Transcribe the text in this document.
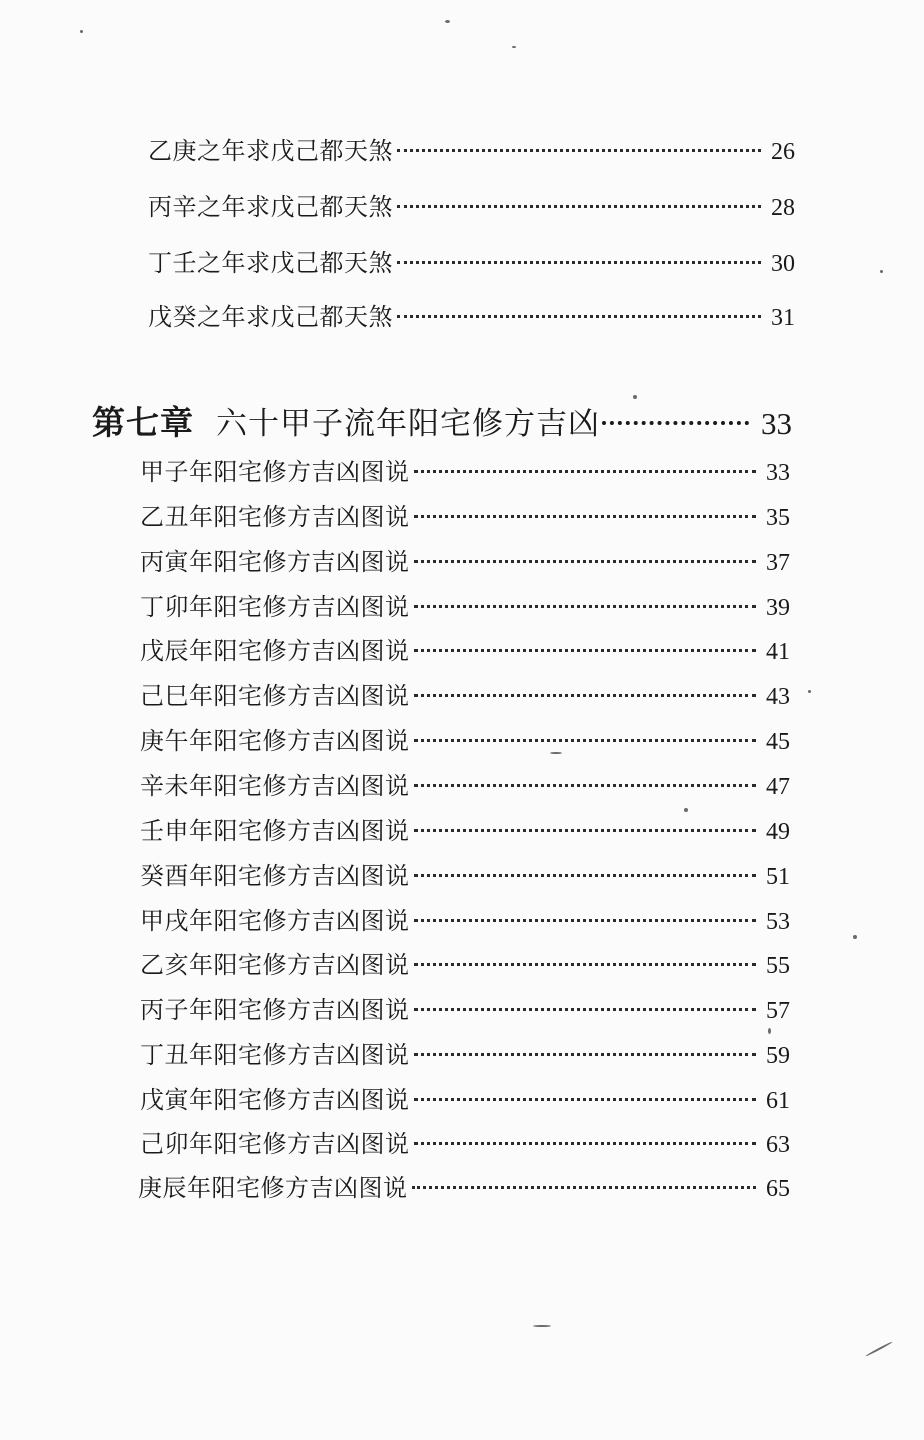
乙庚之年求戊己都天煞	26
丙辛之年求戊己都天煞	28
丁壬之年求戊己都天煞	30
戊癸之年求戊己都天煞	31
第七章 六十甲子流年阳宅修方吉凶	33
甲子年阳宅修方吉凶图说	33
乙丑年阳宅修方吉凶图说	35
丙寅年阳宅修方吉凶图说	37
丁卯年阳宅修方吉凶图说	39
戊辰年阳宅修方吉凶图说	41
己巳年阳宅修方吉凶图说	43
庚午年阳宅修方吉凶图说	45
辛未年阳宅修方吉凶图说	47
壬申年阳宅修方吉凶图说	49
癸酉年阳宅修方吉凶图说	51
甲戌年阳宅修方吉凶图说	53
乙亥年阳宅修方吉凶图说	55
丙子年阳宅修方吉凶图说	57
丁丑年阳宅修方吉凶图说	59
戊寅年阳宅修方吉凶图说	61
己卯年阳宅修方吉凶图说	63
庚辰年阳宅修方吉凶图说	65
